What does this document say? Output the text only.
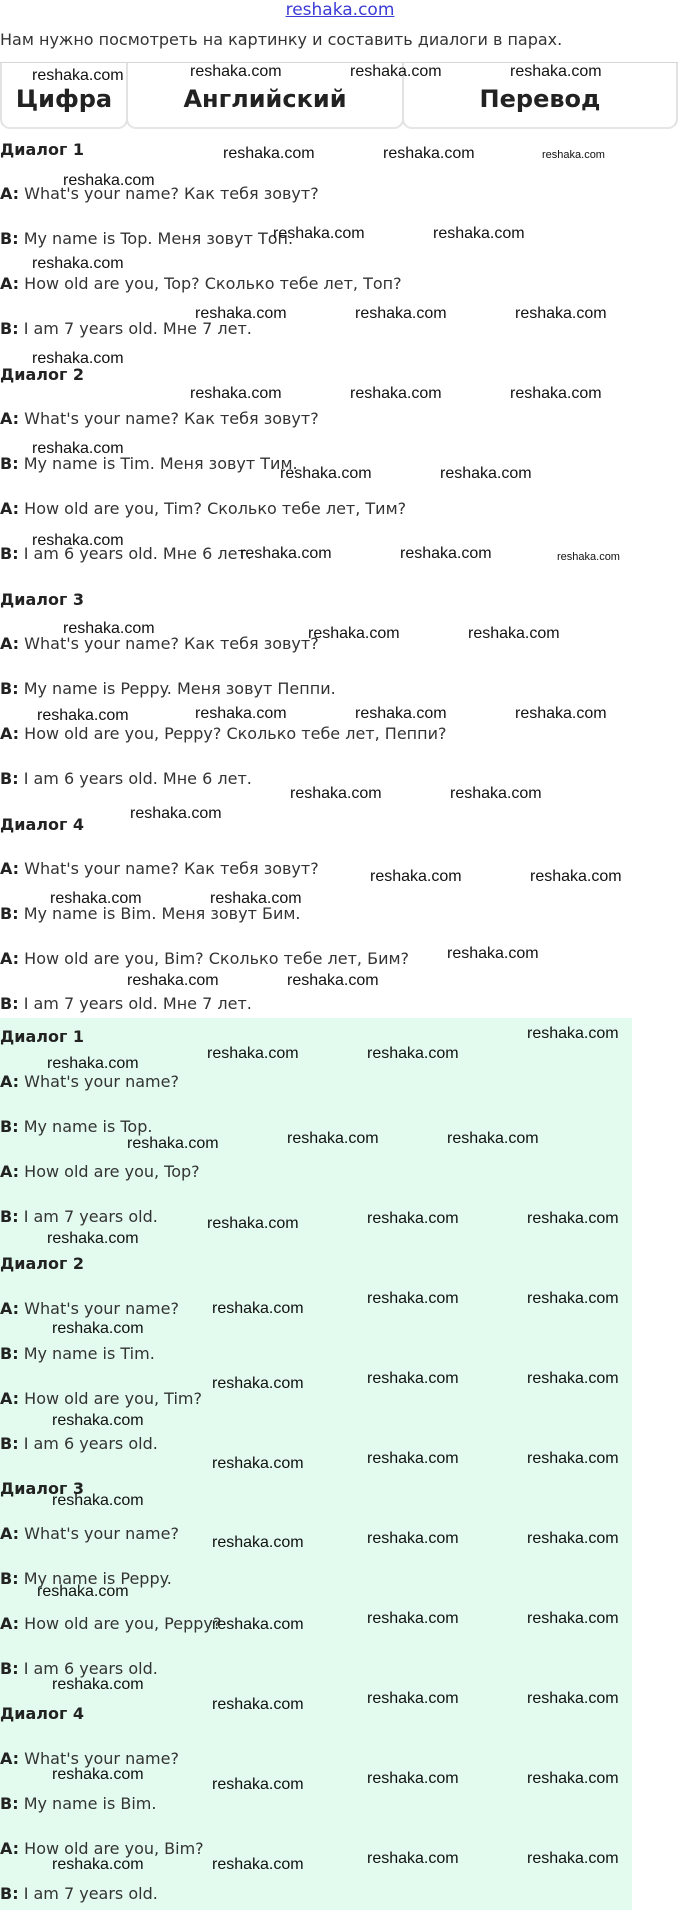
reshaka.com
Нам нужно посмотреть на картинку и составить диалоги в парах.
Цифра	Английский	Перевод
Диалог 1
A: What's your name? Как тебя зовут?
B: My name is Top. Меня зовут Топ.
A: How old are you, Top? Сколько тебе лет, Топ?
B: I am 7 years old. Мне 7 лет.
Диалог 2
A: What's your name? Как тебя зовут?
B: My name is Tim. Меня зовут Тим.
A: How old are you, Tim? Сколько тебе лет, Тим?
B: I am 6 years old. Мне 6 лет.
Диалог 3
A: What's your name? Как тебя зовут?
B: My name is Peppy. Меня зовут Пеппи.
A: How old are you, Peppy? Сколько тебе лет, Пеппи?
B: I am 6 years old. Мне 6 лет.
Диалог 4
A: What's your name? Как тебя зовут?
B: My name is Bim. Меня зовут Бим.
A: How old are you, Bim? Сколько тебе лет, Бим?
B: I am 7 years old. Мне 7 лет.
Диалог 1
A: What's your name?
B: My name is Top.
A: How old are you, Top?
B: I am 7 years old.
Диалог 2
A: What's your name?
B: My name is Tim.
A: How old are you, Tim?
B: I am 6 years old.
Диалог 3
A: What's your name?
B: My name is Peppy.
A: How old are you, Peppy?
B: I am 6 years old.
Диалог 4
A: What's your name?
B: My name is Bim.
A: How old are you, Bim?
B: I am 7 years old.
reshaka.com	reshaka.com	reshaka.com	reshaka.com
reshaka.com
reshaka.com	reshaka.com	reshaka.com
reshaka.com	reshaka.com
reshaka.com
reshaka.com	reshaka.com	reshaka.com
reshaka.com
reshaka.com	reshaka.com	reshaka.com
reshaka.com
reshaka.com	reshaka.com
reshaka.com
reshaka.com	reshaka.com	reshaka.com
reshaka.com	reshaka.com	reshaka.com
reshaka.com	reshaka.com	reshaka.com	reshaka.com
reshaka.com	reshaka.com
reshaka.com
reshaka.com	reshaka.com
reshaka.com	reshaka.com
reshaka.com
reshaka.com	reshaka.com
reshaka.com
reshaka.com	reshaka.com
reshaka.com
reshaka.com	reshaka.com	reshaka.com
reshaka.com	reshaka.com	reshaka.com
reshaka.com
reshaka.com	reshaka.com
reshaka.com
reshaka.com
reshaka.com
reshaka.com	reshaka.com	reshaka.com
reshaka.com
reshaka.com	reshaka.com	reshaka.com
reshaka.com	reshaka.com	reshaka.com
reshaka.com
reshaka.com	reshaka.com	reshaka.com
reshaka.com
reshaka.com	reshaka.com	reshaka.com
reshaka.com
reshaka.com	reshaka.com	reshaka.com
reshaka.com	reshaka.com	reshaka.com	reshaka.com
